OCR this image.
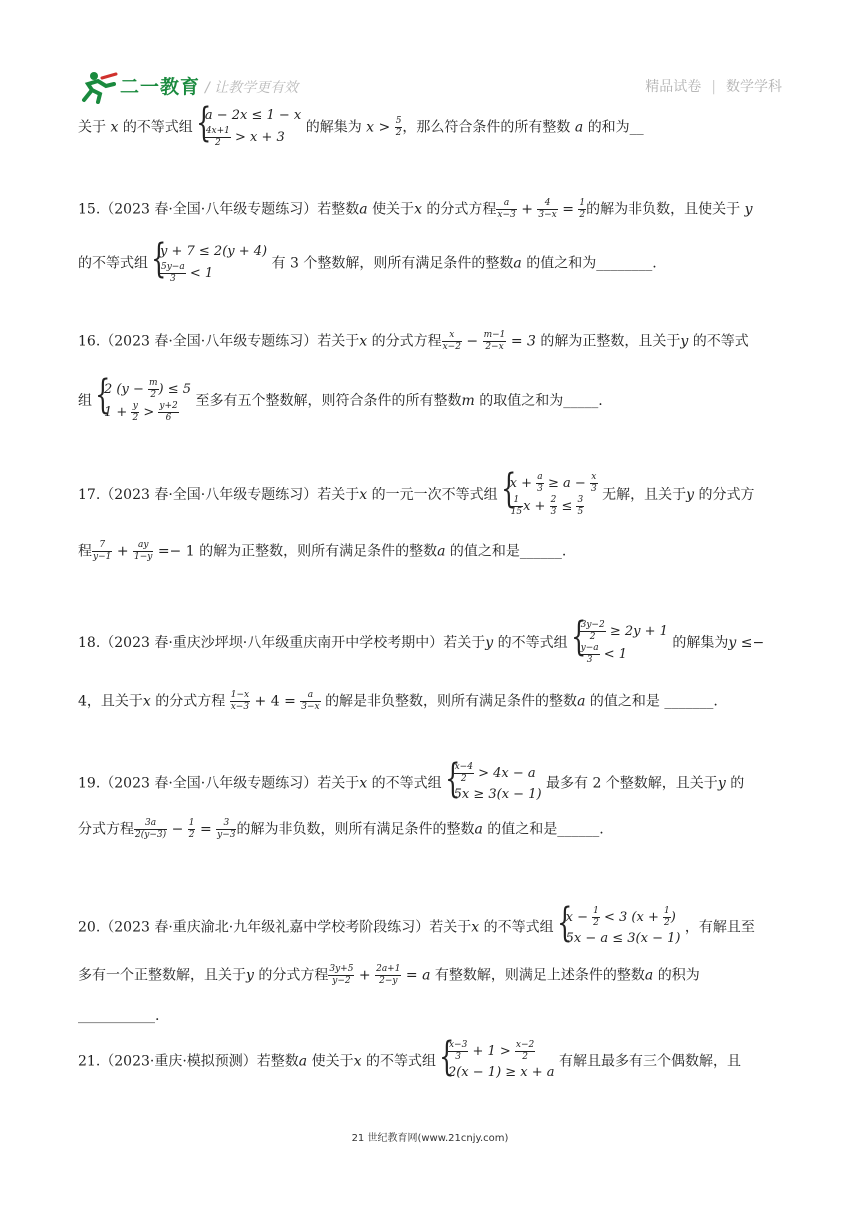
二一教育 / 让教学更有效	精品试卷 | 数学学科
关于 x 的不等式组
{ a − 2x ≤ 1 − x
$\frac{4x+1}{2} > x + 3$
的解集为 $x > \frac{5}{2}$ ，那么符合条件的所有整数 a 的和为__
15.（2023 春·全国·八年级专题练习）若整数a 使关于x 的分式方程 $\frac{a}{x-3} + \frac{4}{3-x} = \frac{1}{2}$ 的解为非负数，且使关于 y
的不等式组
{ y + 7 ≤ 2(y + 4)
$\frac{5y-a}{3} < 1$
有 3 个整数解，则所有满足条件的整数a 的值之和为________.
16.（2023 春·全国·八年级专题练习）若关于x 的分式方程 $\frac{x}{x-2} - \frac{m-1}{2-x} = 3$ 的解为正整数，且关于y 的不等式
组
{ 2 ($y - \frac{m}{2}$ ) ≤ 5
$1 + \frac{y}{2} > \frac{y+2}{6}$ 至多有五个整数解，则符合条件的所有整数m 的取值之和为_____.
17.（2023 春·全国·八年级专题练习）若关于x 的一元一次不等式组
{ $x + \frac{a}{3} \ge a - \frac{x}{3}$
$\frac{1}{15}$ $x + \frac{2}{3} \le \frac{3}{5}$ 无解，且关于y 的分式方
程 $\frac{7}{y-1} + \frac{ay}{1-y} =- 1$ 的解为正整数，则所有满足条件的整数a 的值之和是______.
18.（2023 春·重庆沙坪坝·八年级重庆南开中学校考期中）若关于y 的不等式组 { $\frac{3y-2}{2} \ge 2y + 1$
$\frac{y-a}{3} < 1$
的解集为y ≤−
4，且关于x 的分式方程 $\frac{1-x}{x-3} + 4 = \frac{a}{3-x}$ 的解是非负整数，则所有满足条件的整数a 的值之和是 _______.
19.（2023 春·全国·八年级专题练习）若关于x 的不等式组 { $\frac{x-4}{2} > 4x - a$
5x ≥ 3(x − 1)
最多有 2 个整数解，且关于y 的
分式方程 $\frac{3a}{2(y-3)} - \frac{1}{2} = \frac{3}{y-3}$ 的解为非负数，则所有满足条件的整数a 的值之和是______.
20.（2023 春·重庆渝北·九年级礼嘉中学校考阶段练习）若关于x 的不等式组
{ $x - \frac{1}{2} < 3$ ($x + \frac{1}{2}$ )
5x − a ≤ 3(x − 1)
，有解且至
多有一个正整数解，且关于y 的分式方程 $\frac{3y+5}{y-2} + \frac{2a+1}{2-y} = a$ 有整数解，则满足上述条件的整数a 的积为
___________.
21.（2023·重庆·模拟预测）若整数a 使关于x 的不等式组 { $\frac{x-3}{3} + 1 > \frac{x-2}{2}$
2(x − 1) ≥ x + a
有解且最多有三个偶数解，且
21 世纪教育网(www.21cnjy.com)
